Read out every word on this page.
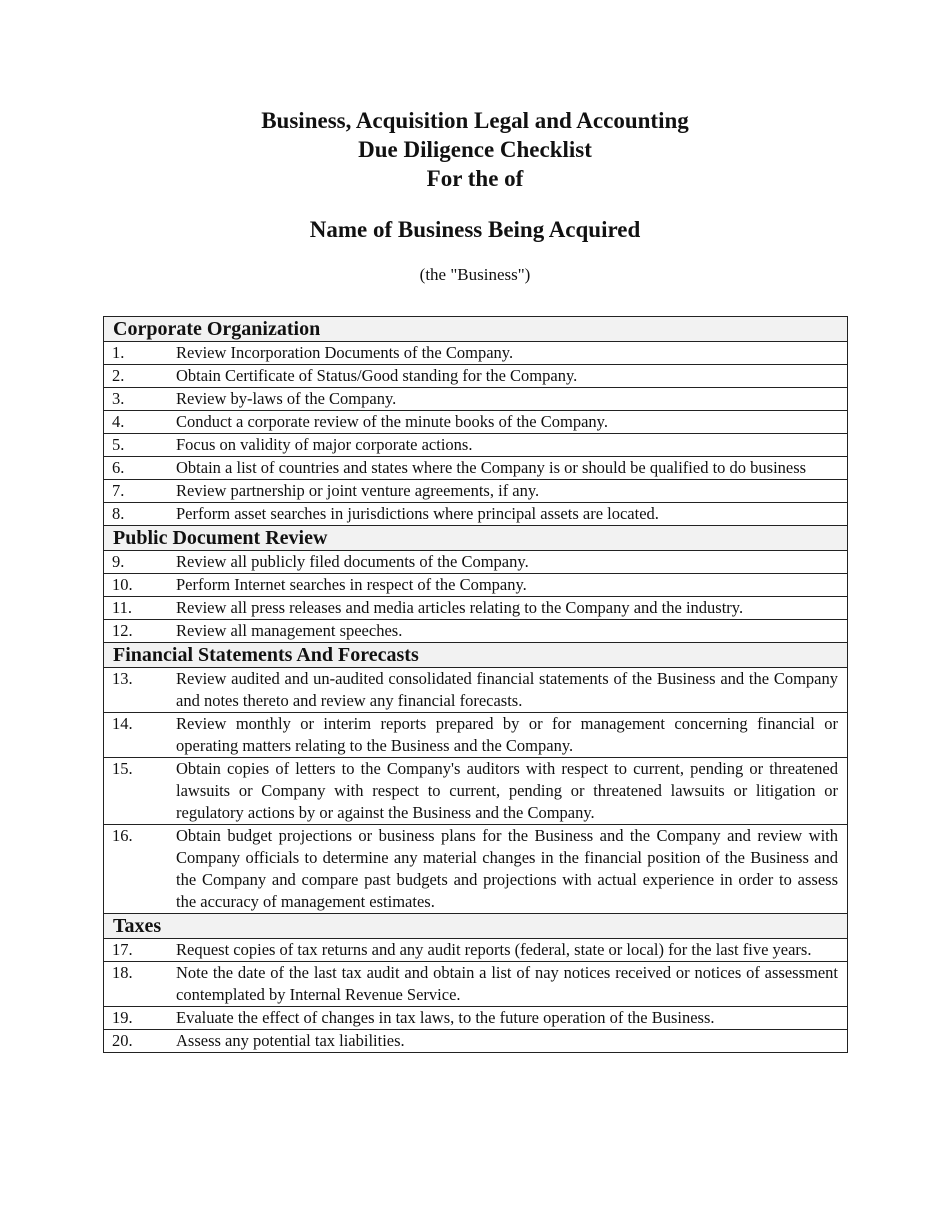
Business, Acquisition Legal and Accounting
Due Diligence Checklist
For the of
Name of Business Being Acquired
(the "Business")
Corporate Organization

1.	Review Incorporation Documents of the Company.

2.	Obtain Certificate of Status/Good standing for the Company.

3.	Review by-laws of the Company.

4.	Conduct a corporate review of the minute books of the Company.

5.	Focus on validity of major corporate actions.

6.	Obtain a list of countries and states where the Company is or should be qualified to do business

7.	Review partnership or joint venture agreements, if any.

8.	Perform asset searches in jurisdictions where principal assets are located.

Public Document Review

9.	Review all publicly filed documents of the Company.

10.	Perform Internet searches in respect of the Company.

11.	Review all press releases and media articles relating to the Company and the industry.

12.	Review all management speeches.

Financial Statements And Forecasts

13.	Review audited and un-audited consolidated financial statements of the Business and the Company and notes thereto and review any financial forecasts.

14.	Review monthly or interim reports prepared by or for management concerning financial or operating matters relating to the Business and the Company.

15.	Obtain copies of letters to the Company's auditors with respect to current, pending or threatened lawsuits or Company with respect to current, pending or threatened lawsuits or litigation or regulatory actions by or against the Business and the Company.

16.	Obtain budget projections or business plans for the Business and the Company and review with Company officials to determine any material changes in the financial position of the Business and the Company and compare past budgets and projections with actual experience in order to assess the accuracy of management estimates.

Taxes

17.	Request copies of tax returns and any audit reports (federal, state or local) for the last five years.

18.	Note the date of the last tax audit and obtain a list of nay notices received or notices of assessment contemplated by Internal Revenue Service.

19.	Evaluate the effect of changes in tax laws, to the future operation of the Business.

20.	Assess any potential tax liabilities.
